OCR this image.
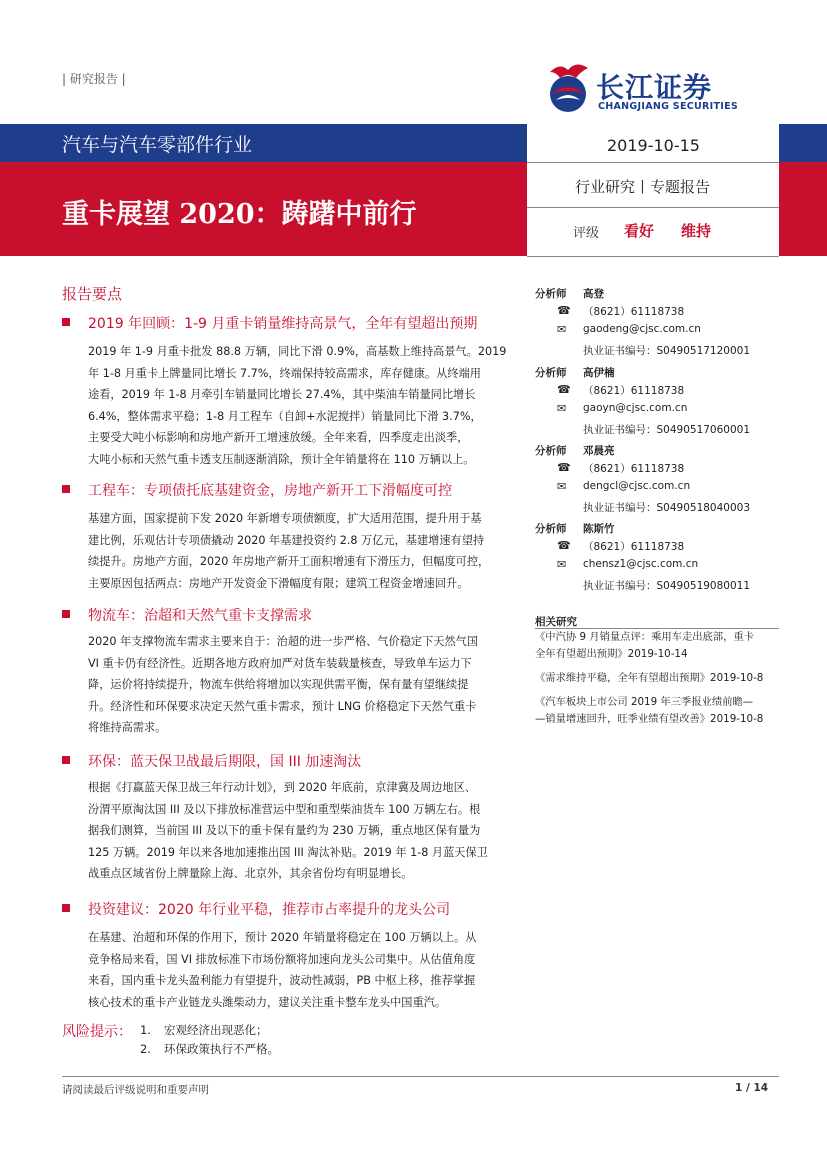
| 研究报告 |	长江证券
CHANGJIANG SECURITIES
汽车与汽车零部件行业
重卡展望 2020：踌躇中前行
2019-10-15
行业研究丨专题报告
评级 看好 维持
报告要点
2019 年回顾：1-9 月重卡销量维持高景气，全年有望超出预期
2019 年 1-9 月重卡批发 88.8 万辆，同比下滑 0.9%，高基数上维持高景气。2019
年 1-8 月重卡上牌量同比增长 7.7%，终端保持较高需求，库存健康。从终端用
途看，2019 年 1-8 月牵引车销量同比增长 27.4%，其中柴油车销量同比增长
6.4%，整体需求平稳；1-8 月工程车（自卸+水泥搅拌）销量同比下滑 3.7%，
主要受大吨小标影响和房地产新开工增速放缓。全年来看，四季度走出淡季，
大吨小标和天然气重卡透支压制逐渐消除，预计全年销量将在 110 万辆以上。
工程车：专项债托底基建资金，房地产新开工下滑幅度可控
基建方面，国家提前下发 2020 年新增专项债额度，扩大适用范围，提升用于基
建比例，乐观估计专项债撬动 2020 年基建投资约 2.8 万亿元，基建增速有望持
续提升。房地产方面，2020 年房地产新开工面积增速有下滑压力，但幅度可控，
主要原因包括两点：房地产开发资金下滑幅度有限；建筑工程资金增速回升。
物流车：治超和天然气重卡支撑需求
2020 年支撑物流车需求主要来自于：治超的进一步严格、气价稳定下天然气国
VI 重卡仍有经济性。近期各地方政府加严对货车装载量核查，导致单车运力下
降，运价将持续提升，物流车供给将增加以实现供需平衡，保有量有望继续提
升。经济性和环保要求决定天然气重卡需求，预计 LNG 价格稳定下天然气重卡
将维持高需求。
环保：蓝天保卫战最后期限，国 III 加速淘汰
根据《打赢蓝天保卫战三年行动计划》，到 2020 年底前，京津冀及周边地区、
汾渭平原淘汰国 III 及以下排放标准营运中型和重型柴油货车 100 万辆左右。根
据我们测算，当前国 III 及以下的重卡保有量约为 230 万辆，重点地区保有量为
125 万辆。2019 年以来各地加速推出国 III 淘汰补贴。2019 年 1-8 月蓝天保卫
战重点区域省份上牌量除上海、北京外，其余省份均有明显增长。
投资建议：2020 年行业平稳，推荐市占率提升的龙头公司
在基建、治超和环保的作用下，预计 2020 年销量将稳定在 100 万辆以上。从
竞争格局来看，国 VI 排放标准下市场份额将加速向龙头公司集中。从估值角度
来看，国内重卡龙头盈利能力有望提升，波动性减弱，PB 中枢上移，推荐掌握
核心技术的重卡产业链龙头潍柴动力，建议关注重卡整车龙头中国重汽。
风险提示： 1. 宏观经济出现恶化；
2. 环保政策执行不严格。
分析师 高登
☎ （8621）61118738
✉ gaodeng@cjsc.com.cn
执业证书编号：S0490517120001
分析师 高伊楠
☎ （8621）61118738
✉ gaoyn@cjsc.com.cn
执业证书编号：S0490517060001
分析师 邓晨亮
☎ （8621）61118738
✉ dengcl@cjsc.com.cn
执业证书编号：S0490518040003
分析师 陈斯竹
☎ （8621）61118738
✉ chensz1@cjsc.com.cn
执业证书编号：S0490519080011
相关研究
《中汽协 9 月销量点评：乘用车走出底部，重卡
全年有望超出预期》2019-10-14
《需求维持平稳，全年有望超出预期》2019-10-8
《汽车板块上市公司 2019 年三季报业绩前瞻—
—销量增速回升，旺季业绩有望改善》2019-10-8
请阅读最后评级说明和重要声明	1 / 14
